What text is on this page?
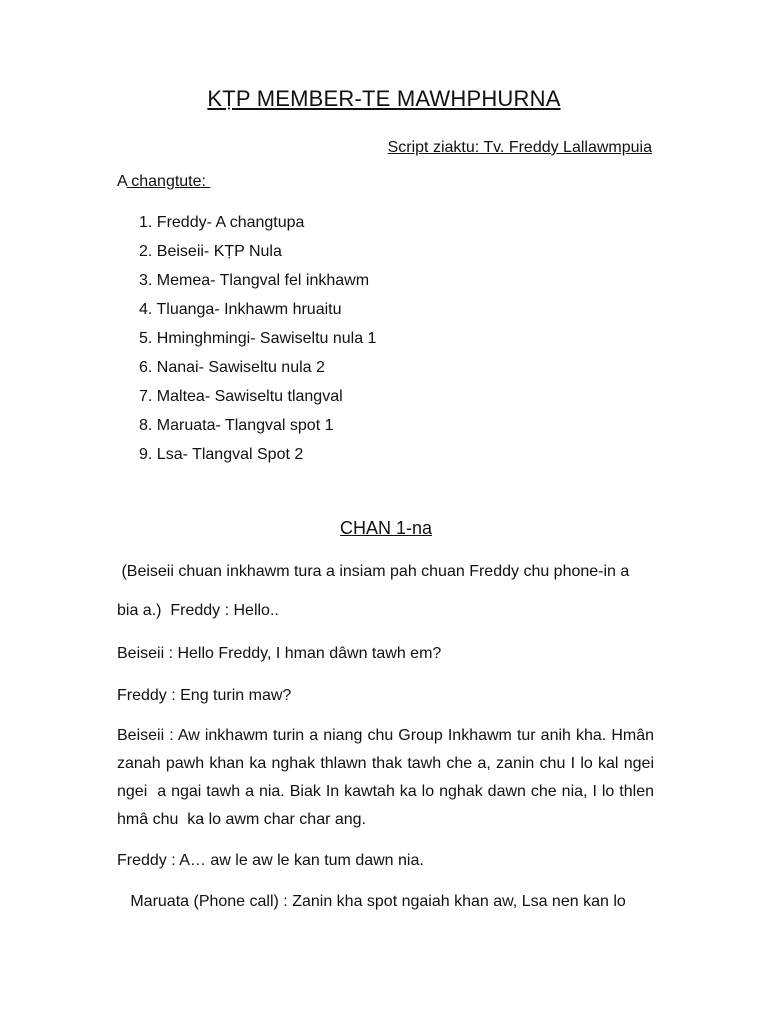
KṬP MEMBER-TE MAWHPHURNA
Script ziaktu: Tv. Freddy Lallawmpuia
A changtute:
1. Freddy- A changtupa
2. Beiseii- KṬP Nula
3. Memea- Tlangval fel inkhawm
4. Tluanga- Inkhawm hruaitu
5. Hminghmingi- Sawiseltu nula 1
6. Nanai- Sawiseltu nula 2
7. Maltea- Sawiseltu tlangval
8. Maruata- Tlangval spot 1
9. Lsa- Tlangval Spot 2
CHAN 1-na

(Beiseii chuan inkhawm tura a insiam pah chuan Freddy chu phone-in a

bia a.)  Freddy : Hello..

Beiseii : Hello Freddy, I hman dâwn tawh em?

Freddy : Eng turin maw?

Beiseii : Aw inkhawm turin a niang chu Group Inkhawm tur anih kha. Hmân  zanah pawh khan ka nghak thlawn thak tawh che a, zanin chu I lo kal ngei ngei  a ngai tawh a nia. Biak In kawtah ka lo nghak dawn che nia, I lo thlen hmâ chu  ka lo awm char char ang.

Freddy : A… aw le aw le kan tum dawn nia.

Maruata (Phone call) : Zanin kha spot ngaiah khan aw, Lsa nen kan lo
